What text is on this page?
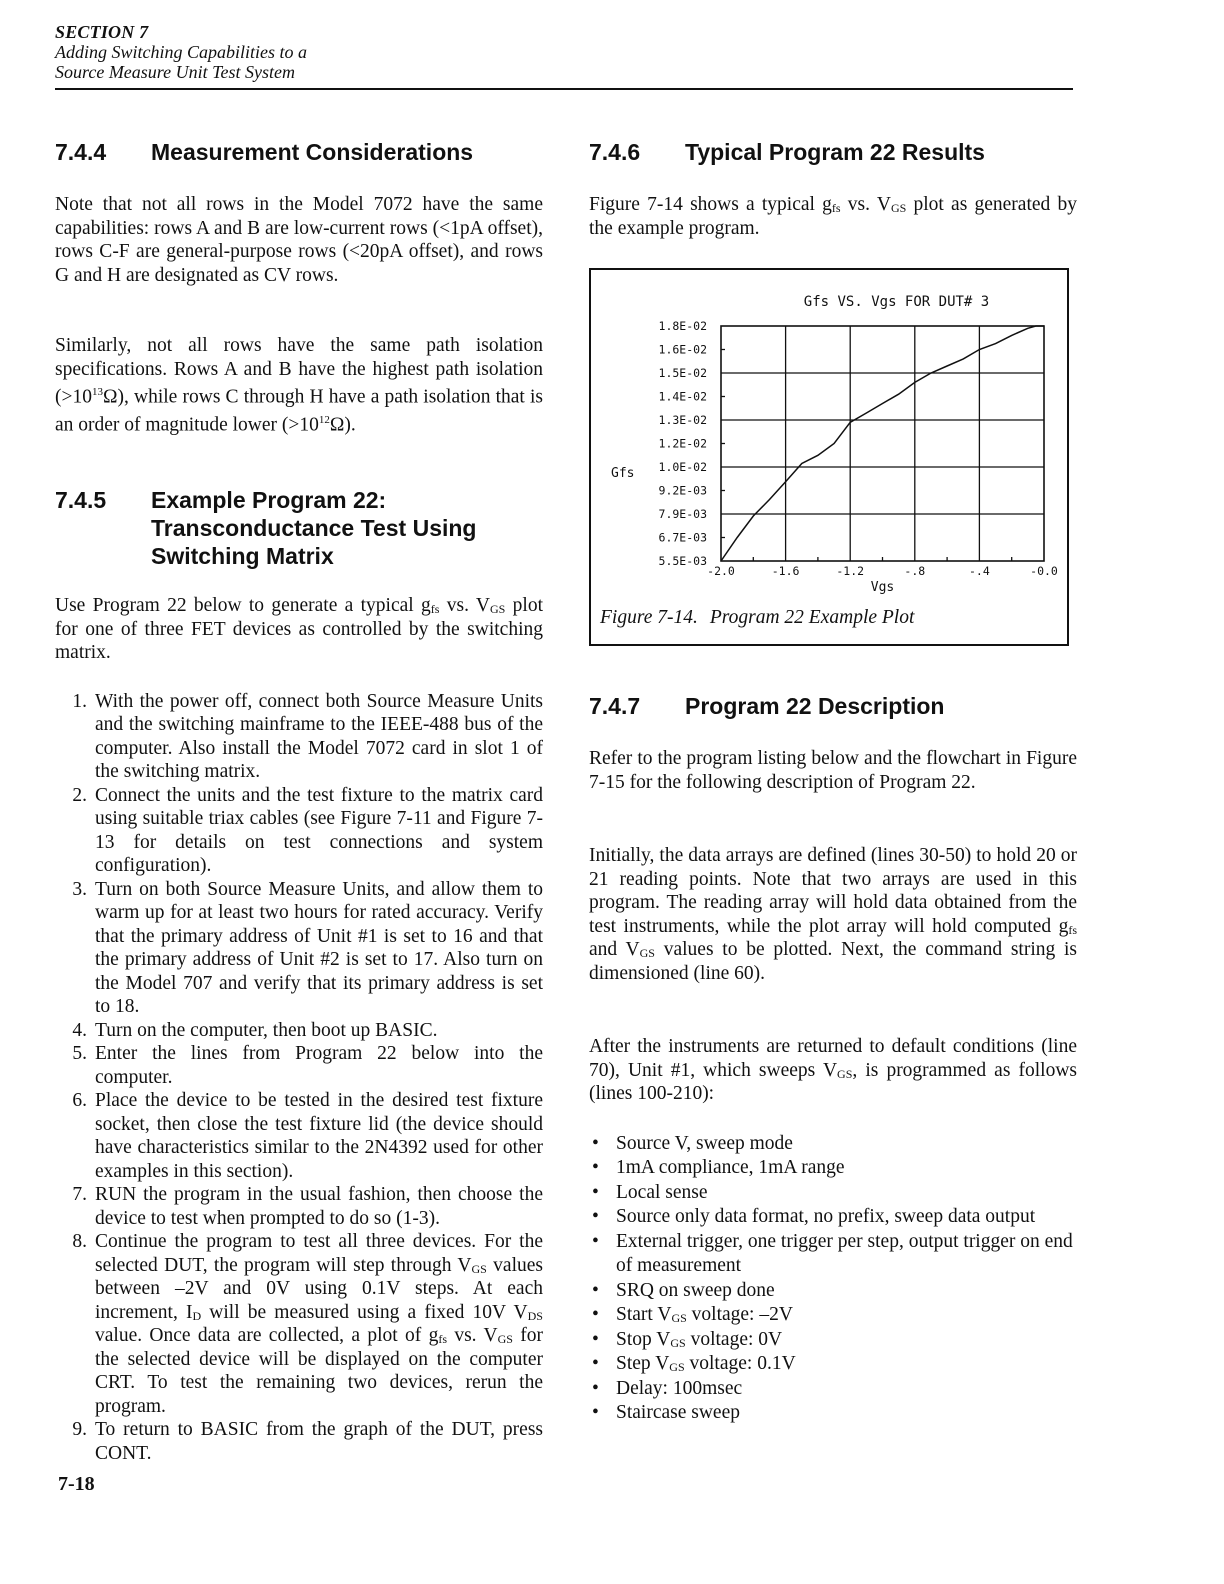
SECTION 7
Adding Switching Capabilities to a
Source Measure Unit Test System
7.4.4	Measurement Considerations

Note that not all rows in the Model 7072 have the same capabilities: rows A and B are low-current rows (<1pA offset), rows C-F are general-purpose rows (<20pA offset), and rows G and H are designated as CV rows.

Similarly, not all rows have the same path isolation specifications. Rows A and B have the highest path isolation $(>10^{13}\Omega)$, while rows C through H have a path isolation that is an order of magnitude lower $(>10^{12}\Omega)$.

7.4.5	Example Program 22:
Transconductance Test Using
Switching Matrix

Use Program 22 below to generate a typical $g_{fs}$ vs. $V_{GS}$ plot for one of three FET devices as controlled by the switching matrix.

1. With the power off, connect both Source Measure Units and the switching mainframe to the IEEE-488 bus of the computer. Also install the Model 7072 card in slot 1 of the switching matrix.
2. Connect the units and the test fixture to the matrix card using suitable triax cables (see Figure 7-11 and Figure 7-13 for details on test connections and system configuration).
3. Turn on both Source Measure Units, and allow them to warm up for at least two hours for rated accuracy. Verify that the primary address of Unit #1 is set to 16 and that the primary address of Unit #2 is set to 17. Also turn on the Model 707 and verify that its primary address is set to 18.
4. Turn on the computer, then boot up BASIC.
5. Enter the lines from Program 22 below into the computer.
6. Place the device to be tested in the desired test fixture socket, then close the test fixture lid (the device should have characteristics similar to the 2N4392 used for other examples in this section).
7. RUN the program in the usual fashion, then choose the device to test when prompted to do so (1-3).
8. Continue the program to test all three devices. For the selected DUT, the program will step through $V_{GS}$ values between –2V and 0V using 0.1V steps. At each increment, $I_D$ will be measured using a fixed 10V $V_{DS}$ value. Once data are collected, a plot of $g_{fs}$ vs. $V_{GS}$ for the selected device will be displayed on the computer CRT. To test the remaining two devices, rerun the program.
9. To return to BASIC from the graph of the DUT, press CONT.
7.4.6	Typical Program 22 Results

Figure 7-14 shows a typical $g_{fs}$ vs. $V_{GS}$ plot as generated by the example program.

Gfs VS. Vgs FOR DUT# 3
5.5E-03
6.7E-03
7.9E-03
9.2E-03
1.0E-02
1.2E-02
1.3E-02
1.4E-02
1.5E-02
1.6E-02
1.8E-02
-2.0	-1.6	-1.2	-.8	-.4	-0.0
Vgs
Gfs
Figure 7-14. Program 22 Example Plot
7.4.7	Program 22 Description

Refer to the program listing below and the flowchart in Figure 7-15 for the following description of Program 22.

Initially, the data arrays are defined (lines 30-50) to hold 20 or 21 reading points. Note that two arrays are used in this program. The reading array will hold data obtained from the test instruments, while the plot array will hold computed $g_{fs}$ and $V_{GS}$ values to be plotted. Next, the command string is dimensioned (line 60).

After the instruments are returned to default conditions (line 70), Unit #1, which sweeps $V_{GS}$, is programmed as follows (lines 100-210):

• Source V, sweep mode
• 1mA compliance, 1mA range
• Local sense
• Source only data format, no prefix, sweep data output
• External trigger, one trigger per step, output trigger on end of measurement
• SRQ on sweep done
• Start $V_{GS}$ voltage: –2V
• Stop $V_{GS}$ voltage: 0V
• Step $V_{GS}$ voltage: 0.1V
• Delay: 100msec
• Staircase sweep
7-18
